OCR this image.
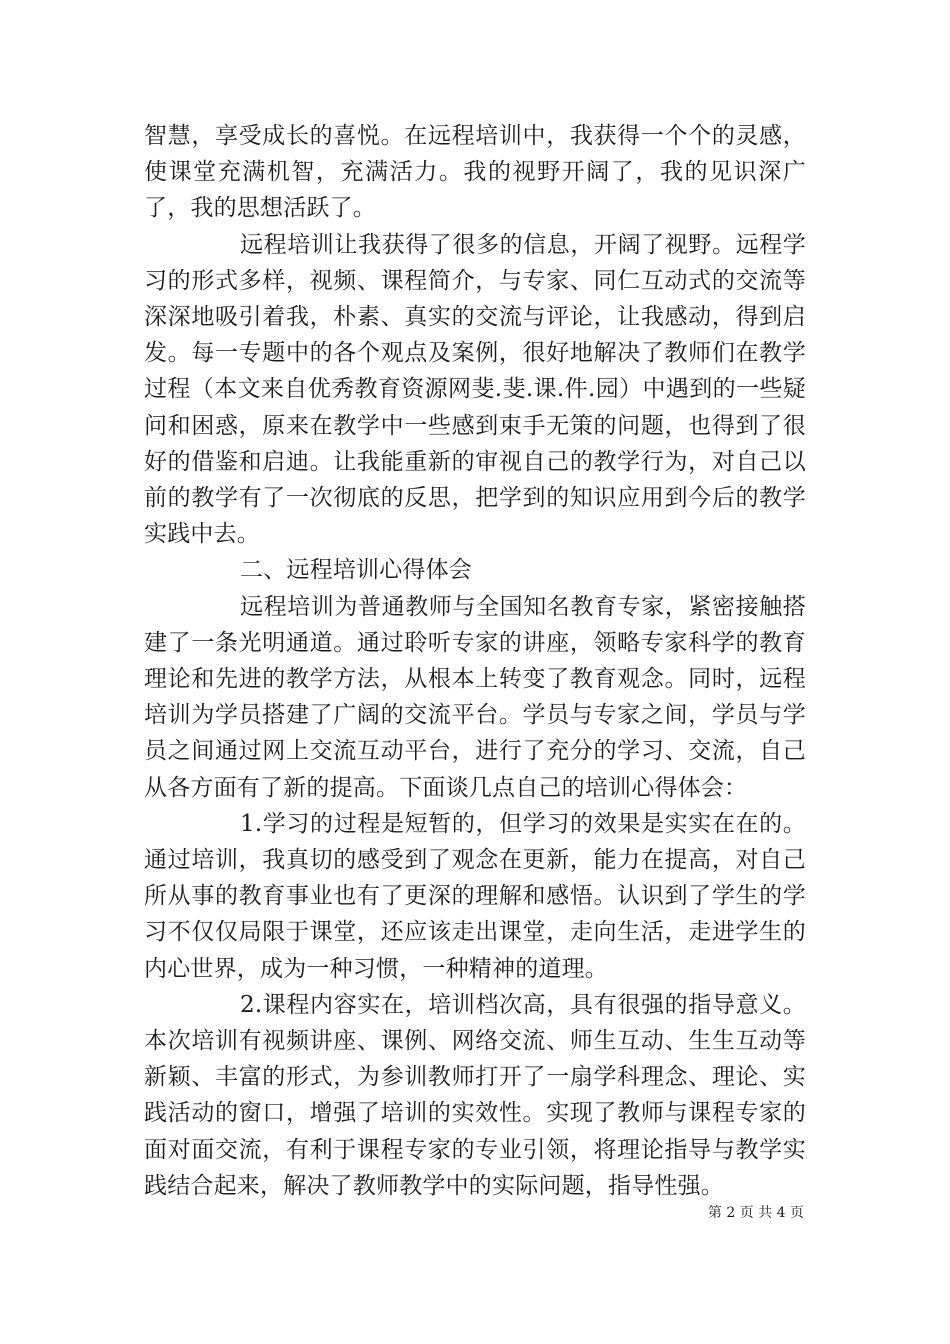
智慧，享受成长的喜悦。在远程培训中，我获得一个个的灵感，使课堂充满机智，充满活力。我的视野开阔了，我的见识深广了，我的思想活跃了。

远程培训让我获得了很多的信息，开阔了视野。远程学习的形式多样，视频、课程简介，与专家、同仁互动式的交流等深深地吸引着我，朴素、真实的交流与评论，让我感动，得到启发。每一专题中的各个观点及案例，很好地解决了教师们在教学过程（本文来自优秀教育资源网斐.斐.课.件.园）中遇到的一些疑问和困惑，原来在教学中一些感到束手无策的问题，也得到了很好的借鉴和启迪。让我能重新的审视自己的教学行为，对自己以前的教学有了一次彻底的反思，把学到的知识应用到今后的教学实践中去。

二、远程培训心得体会

远程培训为普通教师与全国知名教育专家，紧密接触搭建了一条光明通道。通过聆听专家的讲座，领略专家科学的教育理论和先进的教学方法，从根本上转变了教育观念。同时，远程培训为学员搭建了广阔的交流平台。学员与专家之间，学员与学员之间通过网上交流互动平台，进行了充分的学习、交流，自己从各方面有了新的提高。下面谈几点自己的培训心得体会：

1.学习的过程是短暂的，但学习的效果是实实在在的。通过培训，我真切的感受到了观念在更新，能力在提高，对自己所从事的教育事业也有了更深的理解和感悟。认识到了学生的学习不仅仅局限于课堂，还应该走出课堂，走向生活，走进学生的内心世界，成为一种习惯，一种精神的道理。

2.课程内容实在，培训档次高，具有很强的指导意义。本次培训有视频讲座、课例、网络交流、师生互动、生生互动等新颖、丰富的形式，为参训教师打开了一扇学科理念、理论、实践活动的窗口，增强了培训的实效性。实现了教师与课程专家的面对面交流，有利于课程专家的专业引领，将理论指导与教学实践结合起来，解决了教师教学中的实际问题，指导性强。

第 2 页 共 4 页
